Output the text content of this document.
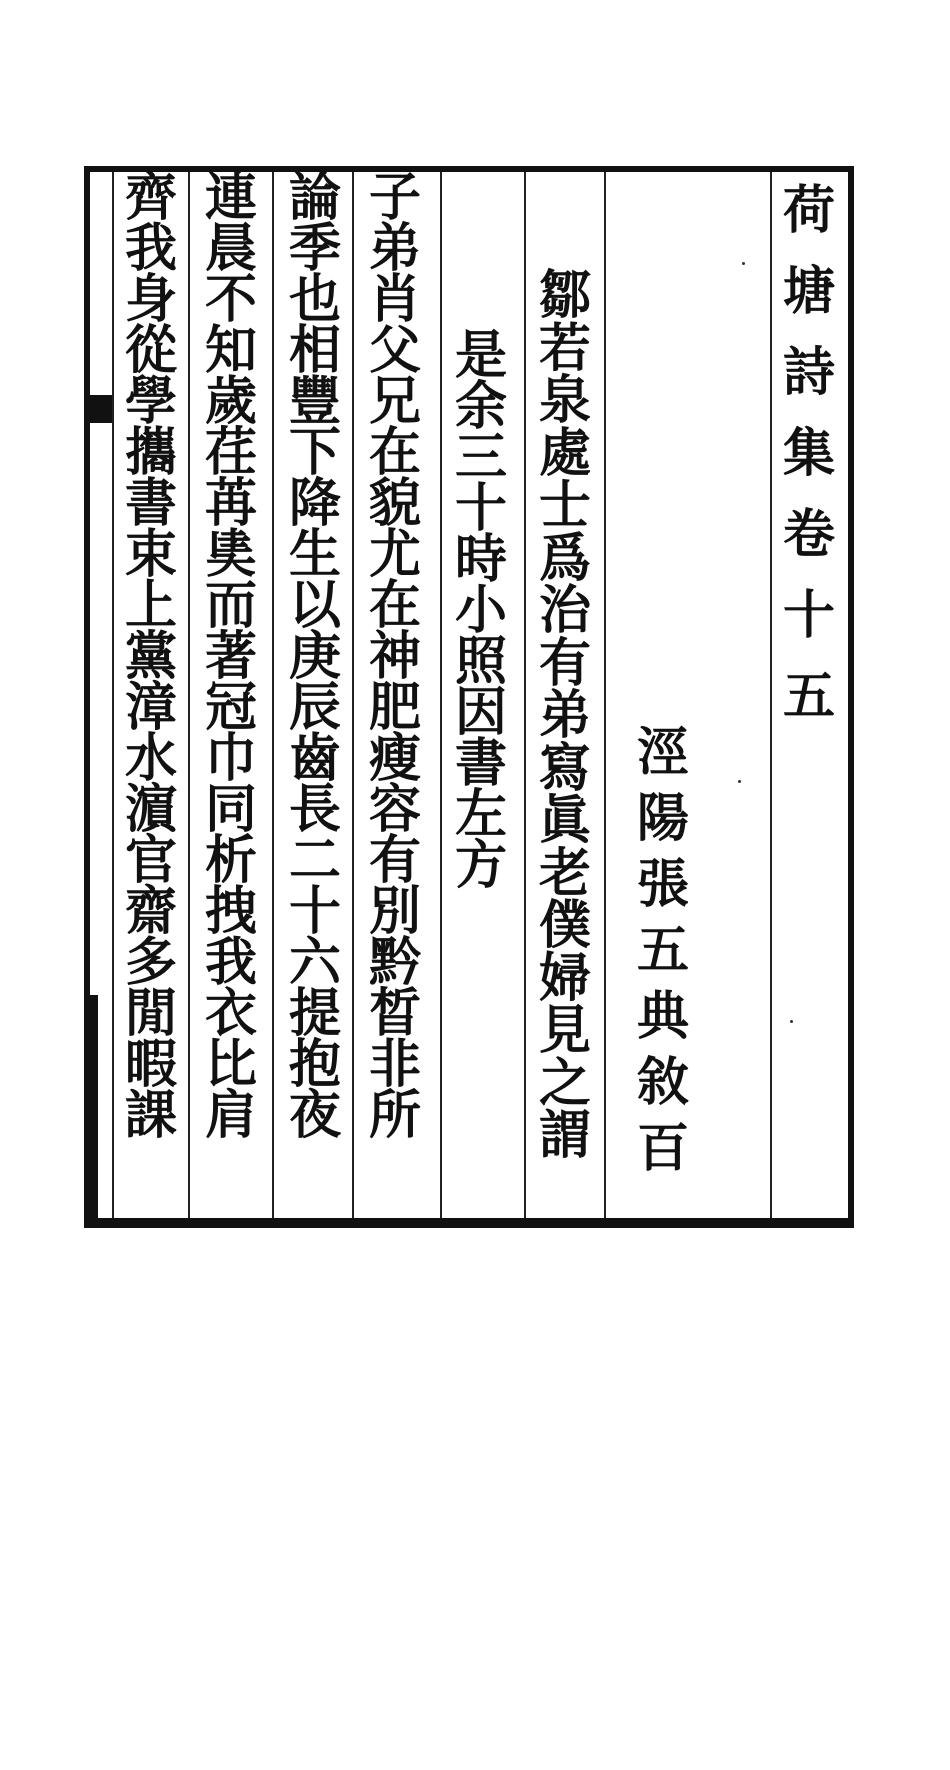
荷
塘
詩
集
卷
十
五
涇
陽
張
五
典
敘
百
鄒
若
泉
處
士
爲
治
有
弟
寫
眞
老
僕
婦
見
之
謂
是
余
三
十
時
小
照
因
書
左
方
子
弟
肖
父
兄
在
貌
尤
在
神
肥
瘦
容
有
別
黔
晳
非
所
論
季
也
相
豐
下
降
生
以
庚
辰
齒
長
二
十
六
提
抱
夜
連
晨
不
知
歲
荏
苒
奊
而
著
冠
巾
同
析
拽
我
衣
比
肩
齊
我
身
從
學
攜
書
束
上
黨
漳
水
濵
官
齋
多
閒
暇
課
